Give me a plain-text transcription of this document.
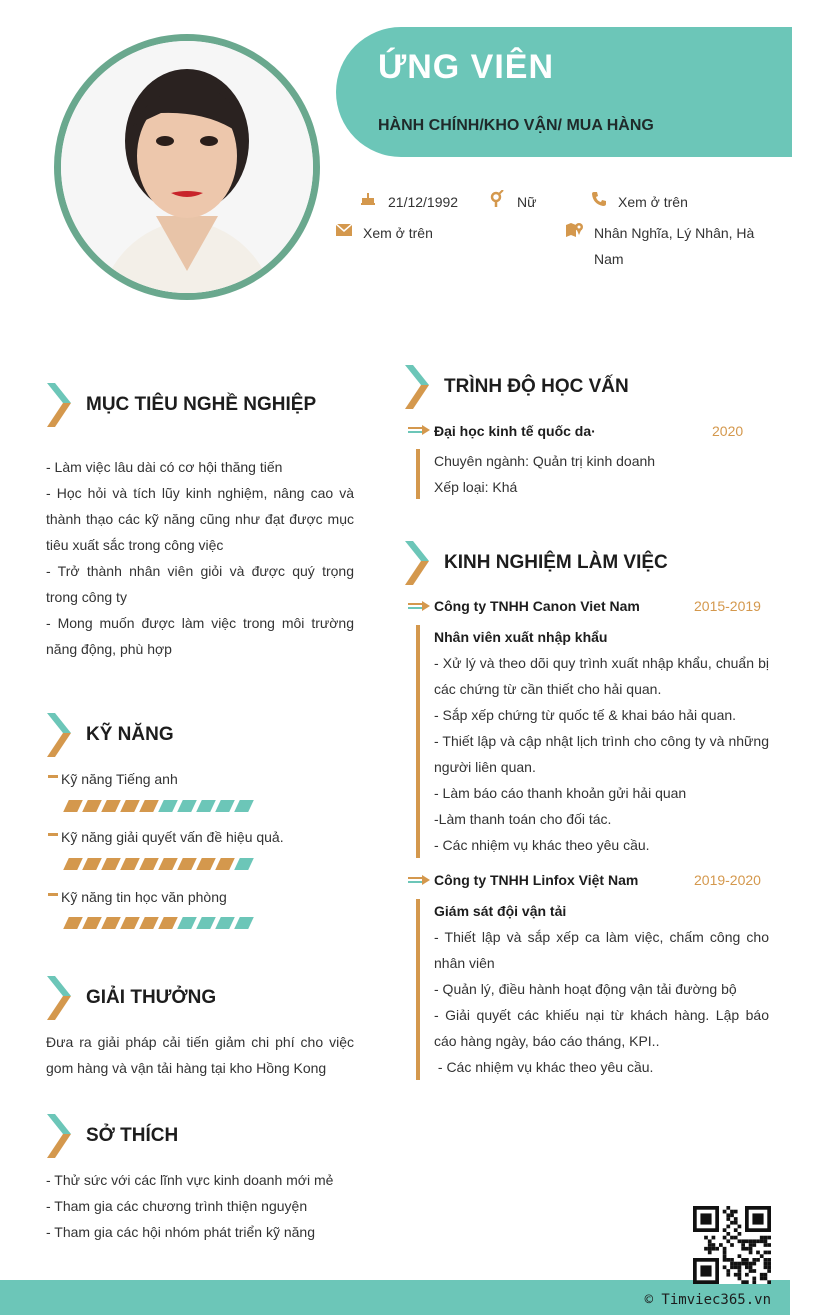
ỨNG VIÊN
HÀNH CHÍNH/KHO VẬN/ MUA HÀNG
21/12/1992	Nữ	Xem ở trên
Xem ở trên	Nhân Nghĩa, Lý Nhân, Hà
Nam
MỤC TIÊU NGHỀ NGHIỆP
- Làm việc lâu dài có cơ hội thăng tiến
- Học hỏi và tích lũy kinh nghiệm, nâng cao và thành thạo các kỹ năng cũng như đạt được mục tiêu xuất sắc trong công việc
- Trở thành nhân viên giỏi và được quý trọng trong công ty
- Mong muốn được làm việc trong môi trường năng động, phù hợp
KỸ NĂNG
Kỹ năng Tiếng anh
Kỹ năng giải quyết vấn đề hiệu quả.
Kỹ năng tin học văn phòng
GIẢI THƯỞNG
Đưa ra giải pháp cải tiến giảm chi phí cho việc gom hàng và vận tải hàng tại kho Hồng Kong
SỞ THÍCH
- Thử sức với các lĩnh vực kinh doanh mới mẻ
- Tham gia các chương trình thiện nguyện
- Tham gia các hội nhóm phát triển kỹ năng
TRÌNH ĐỘ HỌC VẤN
Đại học kinh tế quốc da·	2020
Chuyên ngành: Quản trị kinh doanh
Xếp loại: Khá
KINH NGHIỆM LÀM VIỆC
Công ty TNHH Canon Viet Nam	2015-2019
Nhân viên xuất nhập khẩu
- Xử lý và theo dõi quy trình xuất nhập khẩu, chuẩn bị các chứng từ cần thiết cho hải quan.
- Sắp xếp chứng từ quốc tế & khai báo hải quan.
- Thiết lập và cập nhật lịch trình cho công ty và những người liên quan.
- Làm báo cáo thanh khoản gửi hải quan
-Làm thanh toán cho đối tác.
- Các nhiệm vụ khác theo yêu cầu.
Công ty TNHH Linfox Việt Nam	2019-2020
Giám sát đội vận tải
- Thiết lập và sắp xếp ca làm việc, chấm công cho nhân viên
- Quản lý, điều hành hoạt động vận tải đường bộ
- Giải quyết các khiếu nại từ khách hàng. Lập báo cáo hàng ngày, báo cáo tháng, KPI..
- Các nhiệm vụ khác theo yêu cầu.
© Timviec365.vn
